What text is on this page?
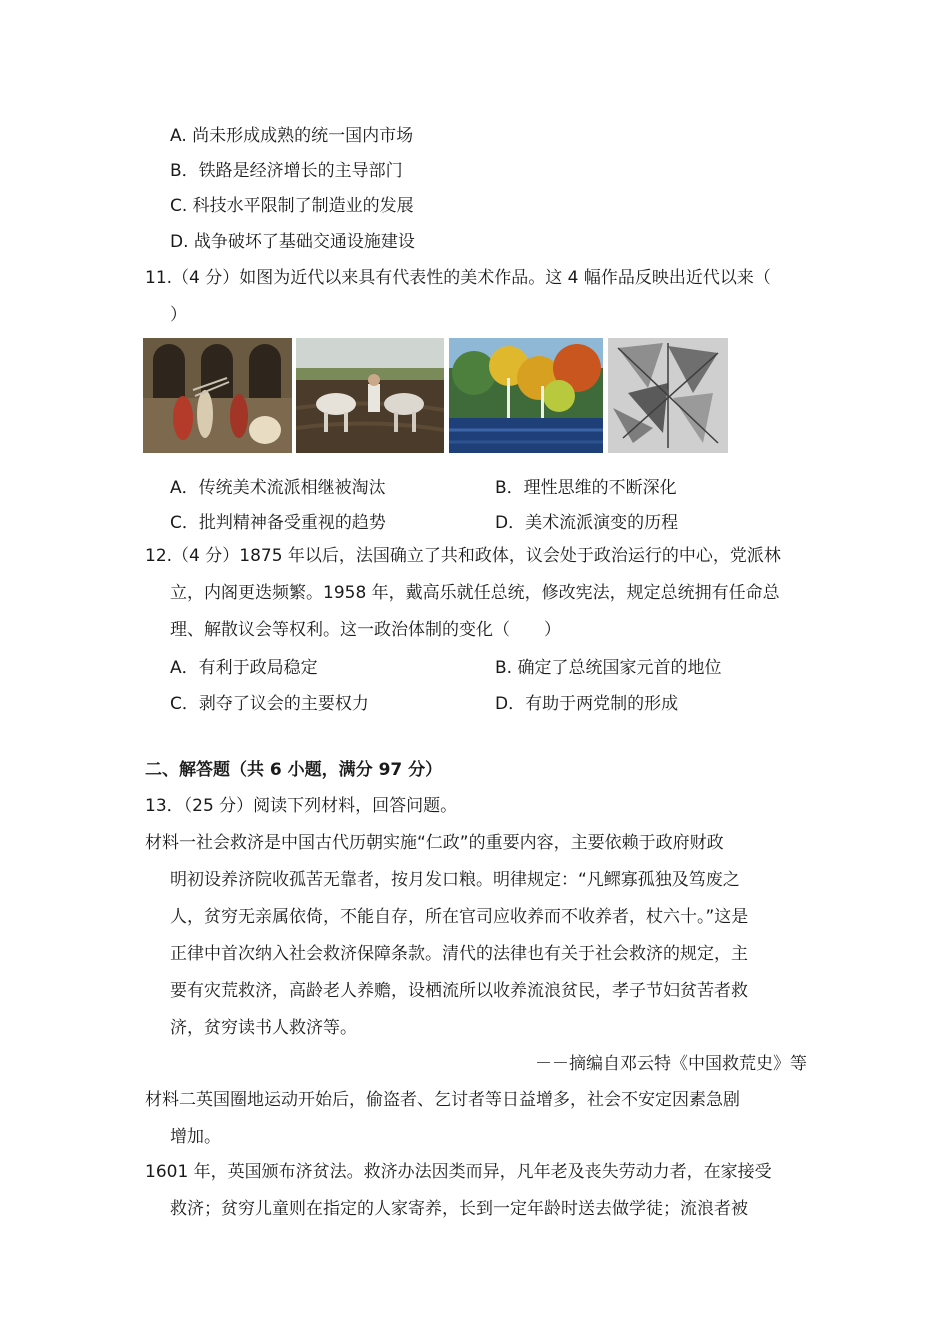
A. 尚未形成成熟的统一国内市场
B．铁路是经济增长的主导部门
C. 科技水平限制了制造业的发展
D. 战争破坏了基础交通设施建设
11.（4 分）如图为近代以来具有代表性的美术作品。这 4 幅作品反映出近代以来（
）
A．传统美术流派相继被淘汰	B．理性思维的不断深化
C．批判精神备受重视的趋势	D．美术流派演变的历程
12.（4 分）1875 年以后，法国确立了共和政体，议会处于政治运行的中心，党派林
立，内阁更迭频繁。1958 年，戴高乐就任总统，修改宪法，规定总统拥有任命总
理、解散议会等权利。这一政治体制的变化（　　）
A．有利于政局稳定	B. 确定了总统国家元首的地位
C．剥夺了议会的主要权力	D．有助于两党制的形成
二、解答题（共 6 小题，满分 97 分）
13．（25 分）阅读下列材料，回答问题。
材料一社会救济是中国古代历朝实施“仁政”的重要内容，主要依赖于政府财政
明初设养济院收孤苦无靠者，按月发口粮。明律规定：“凡鳏寡孤独及笃废之
人，贫穷无亲属依倚，不能自存，所在官司应收养而不收养者，杖六十。”这是
正律中首次纳入社会救济保障条款。清代的法律也有关于社会救济的规定，主
要有灾荒救济，高龄老人养赡，设栖流所以收养流浪贫民，孝子节妇贫苦者救
济，贫穷读书人救济等。
－－摘编自邓云特《中国救荒史》等
材料二英国圈地运动开始后，偷盗者、乞讨者等日益增多，社会不安定因素急剧
增加。
1601 年，英国颁布济贫法。救济办法因类而异，凡年老及丧失劳动力者，在家接受
救济；贫穷儿童则在指定的人家寄养，长到一定年龄时送去做学徒；流浪者被
